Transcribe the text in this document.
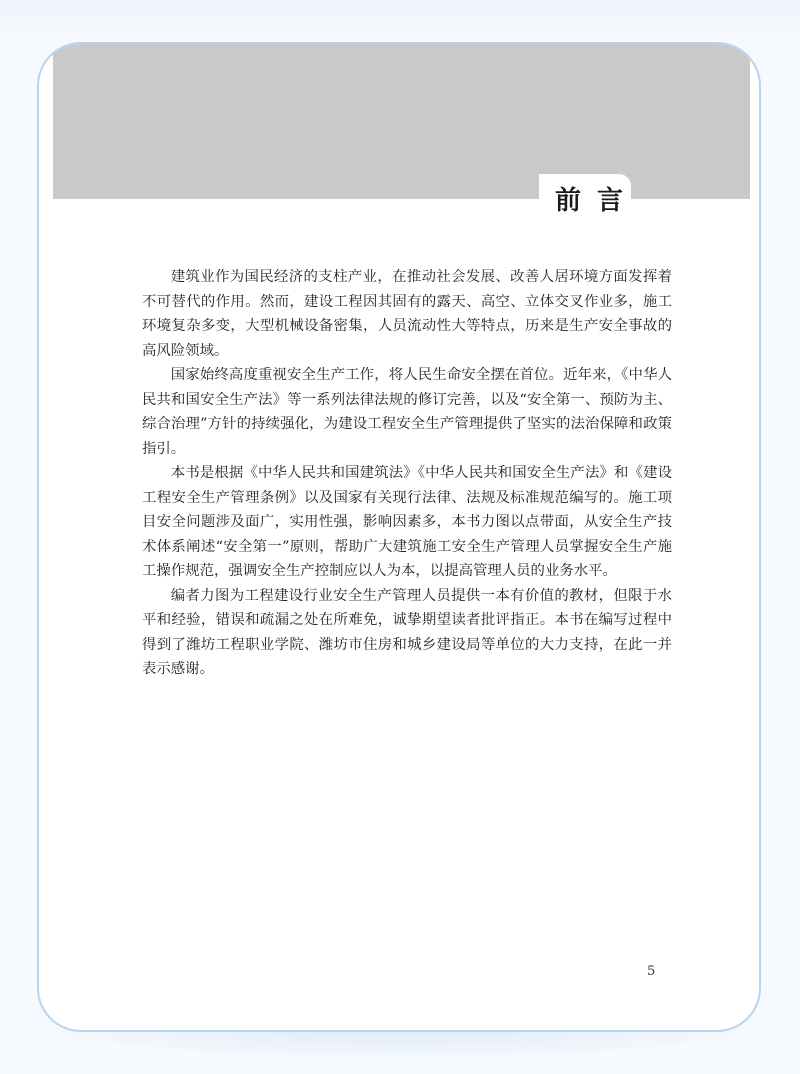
前言

建筑业作为国民经济的支柱产业，在推动社会发展、改善人居环境方面发挥着不可替代的作用。然而，建设工程因其固有的露天、高空、立体交叉作业多，施工环境复杂多变，大型机械设备密集，人员流动性大等特点，历来是生产安全事故的高风险领域。

国家始终高度重视安全生产工作，将人民生命安全摆在首位。近年来，《中华人民共和国安全生产法》等一系列法律法规的修订完善，以及“安全第一、预防为主、综合治理”方针的持续强化，为建设工程安全生产管理提供了坚实的法治保障和政策指引。

本书是根据《中华人民共和国建筑法》《中华人民共和国安全生产法》和《建设工程安全生产管理条例》以及国家有关现行法律、法规及标准规范编写的。施工项目安全问题涉及面广，实用性强，影响因素多，本书力图以点带面，从安全生产技术体系阐述“安全第一”原则，帮助广大建筑施工安全生产管理人员掌握安全生产施工操作规范，强调安全生产控制应以人为本，以提高管理人员的业务水平。

编者力图为工程建设行业安全生产管理人员提供一本有价值的教材，但限于水平和经验，错误和疏漏之处在所难免，诚挚期望读者批评指正。本书在编写过程中得到了潍坊工程职业学院、潍坊市住房和城乡建设局等单位的大力支持，在此一并表示感谢。

5
